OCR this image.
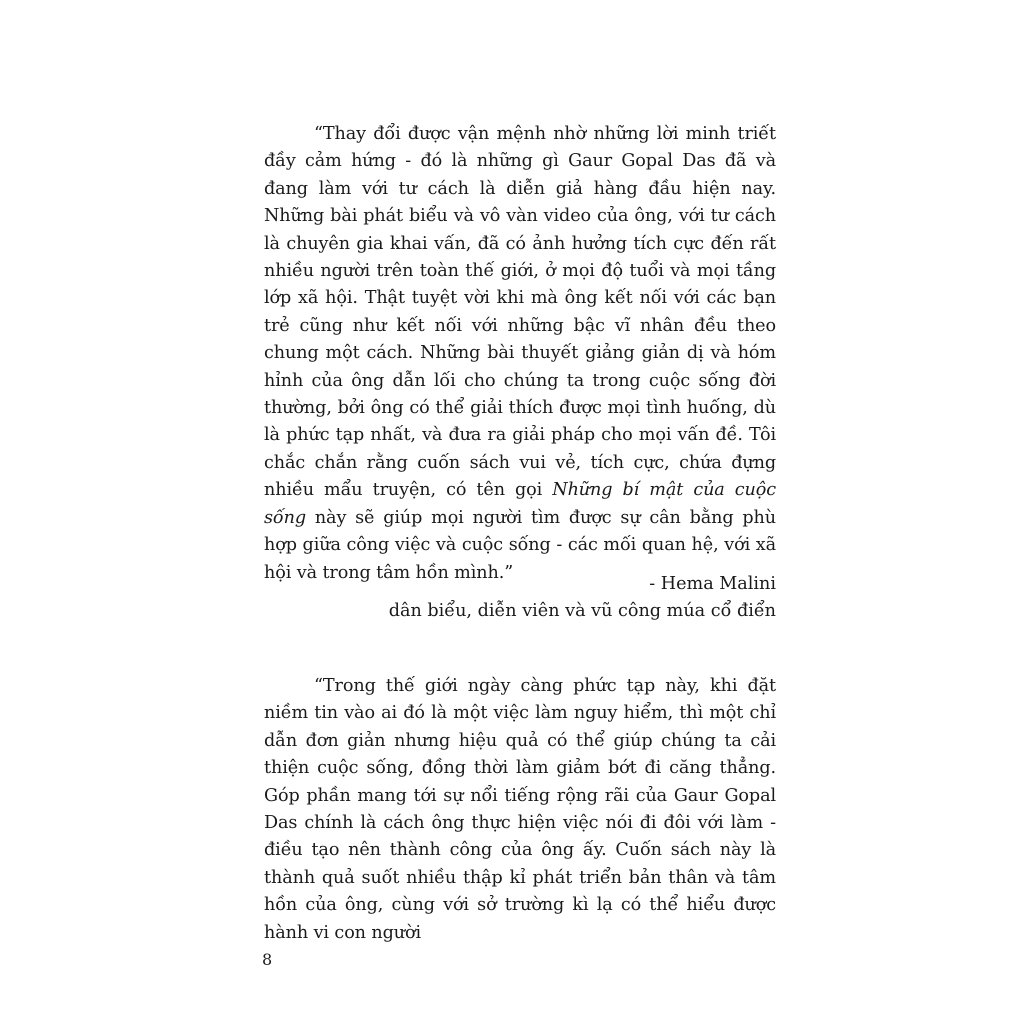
“Thay đổi được vận mệnh nhờ những lời minh triết đầy cảm hứng - đó là những gì Gaur Gopal Das đã và đang làm với tư cách là diễn giả hàng đầu hiện nay. Những bài phát biểu và vô vàn video của ông, với tư cách là chuyên gia khai vấn, đã có ảnh hưởng tích cực đến rất nhiều người trên toàn thế giới, ở mọi độ tuổi và mọi tầng lớp xã hội. Thật tuyệt vời khi mà ông kết nối với các bạn trẻ cũng như kết nối với những bậc vĩ nhân đều theo chung một cách. Những bài thuyết giảng giản dị và hóm hỉnh của ông dẫn lối cho chúng ta trong cuộc sống đời thường, bởi ông có thể giải thích được mọi tình huống, dù là phức tạp nhất, và đưa ra giải pháp cho mọi vấn đề. Tôi chắc chắn rằng cuốn sách vui vẻ, tích cực, chứa đựng nhiều mẩu truyện, có tên gọi Những bí mật của cuộc sống này sẽ giúp mọi người tìm được sự cân bằng phù hợp giữa công việc và cuộc sống - các mối quan hệ, với xã hội và trong tâm hồn mình.”

- Hema Malini

dân biểu, diễn viên và vũ công múa cổ điển

“Trong thế giới ngày càng phức tạp này, khi đặt niềm tin vào ai đó là một việc làm nguy hiểm, thì một chỉ dẫn đơn giản nhưng hiệu quả có thể giúp chúng ta cải thiện cuộc sống, đồng thời làm giảm bớt đi căng thẳng. Góp phần mang tới sự nổi tiếng rộng rãi của Gaur Gopal Das chính là cách ông thực hiện việc nói đi đôi với làm - điều tạo nên thành công của ông ấy. Cuốn sách này là thành quả suốt nhiều thập kỉ phát triển bản thân và tâm hồn của ông, cùng với sở trường kì lạ có thể hiểu được hành vi con người

8
